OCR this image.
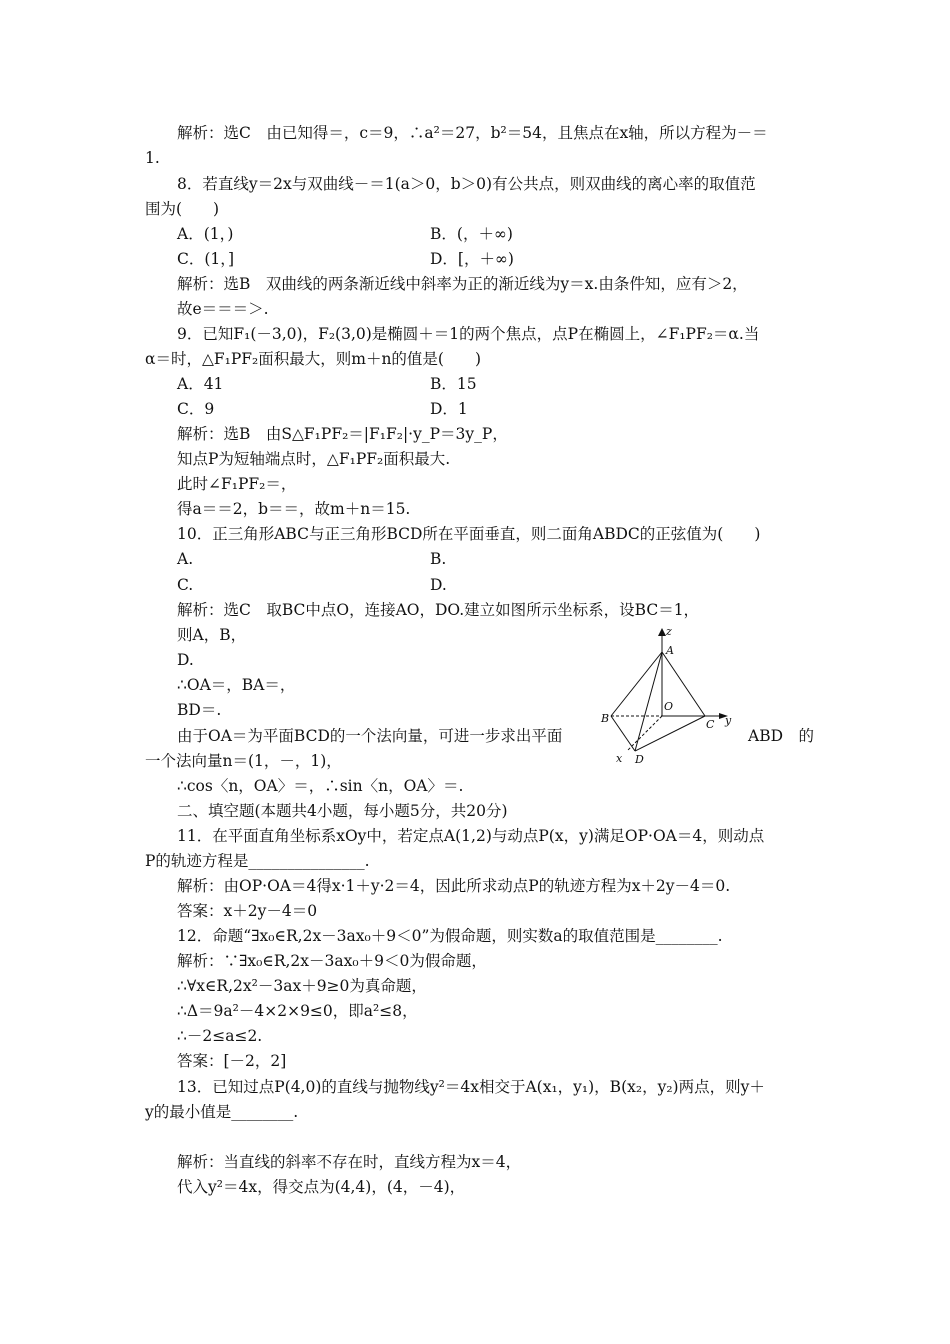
解析：选C　由已知得＝，c＝9，∴a²＝27，b²＝54，且焦点在x轴，所以方程为－＝
1.
8．若直线y＝2x与双曲线－＝1(a＞0，b＞0)有公共点，则双曲线的离心率的取值范
围为(　　)
A．(1，)	B．(，＋∞)
C．(1，]	D．[，＋∞)
解析：选B　双曲线的两条渐近线中斜率为正的渐近线为y＝x.由条件知，应有＞2，
故e＝＝＝＞.
9．已知F₁(－3,0)，F₂(3,0)是椭圆＋＝1的两个焦点，点P在椭圆上，∠F₁PF₂＝α.当
α＝时，△F₁PF₂面积最大，则m＋n的值是(　　)
A．41	B．15
C．9	D．1
解析：选B　由S△F₁PF₂＝|F₁F₂|·y_P＝3y_P，
知点P为短轴端点时，△F₁PF₂面积最大.
此时∠F₁PF₂＝，
得a＝＝2，b＝＝，故m＋n＝15.
10．正三角形ABC与正三角形BCD所在平面垂直，则二面角ABDC的正弦值为(　　)
A.	B.
C.	D.
解析：选C　取BC中点O，连接AO，DO.建立如图所示坐标系，设BC＝1，
则A，B，
D.
∴OA＝，BA＝，
BD＝.
由于OA＝为平面BCD的一个法向量，可进一步求出平面	ABD　的
一个法向量n＝(1，－，1)，
∴cos〈n，OA〉＝，∴sin〈n，OA〉＝.
二、填空题(本题共4小题，每小题5分，共20分)
11．在平面直角坐标系xOy中，若定点A(1,2)与动点P(x，y)满足OP·OA＝4，则动点
P的轨迹方程是_______________.
解析：由OP·OA＝4得x·1＋y·2＝4，因此所求动点P的轨迹方程为x＋2y－4＝0.
答案：x＋2y－4＝0
12．命题“∃x₀∈R,2x－3ax₀＋9＜0”为假命题，则实数a的取值范围是________.
解析：∵∃x₀∈R,2x－3ax₀＋9＜0为假命题，
∴∀x∈R,2x²－3ax＋9≥0为真命题，
∴Δ＝9a²－4×2×9≤0，即a²≤8，
∴－2≤a≤2.
答案：[－2，2]
13．已知过点P(4,0)的直线与抛物线y²＝4x相交于A(x₁，y₁)，B(x₂，y₂)两点，则y＋
y的最小值是________.
解析：当直线的斜率不存在时，直线方程为x＝4，
代入y²＝4x，得交点为(4,4)，(4，－4)，
z
A
B
O
C y
x D
